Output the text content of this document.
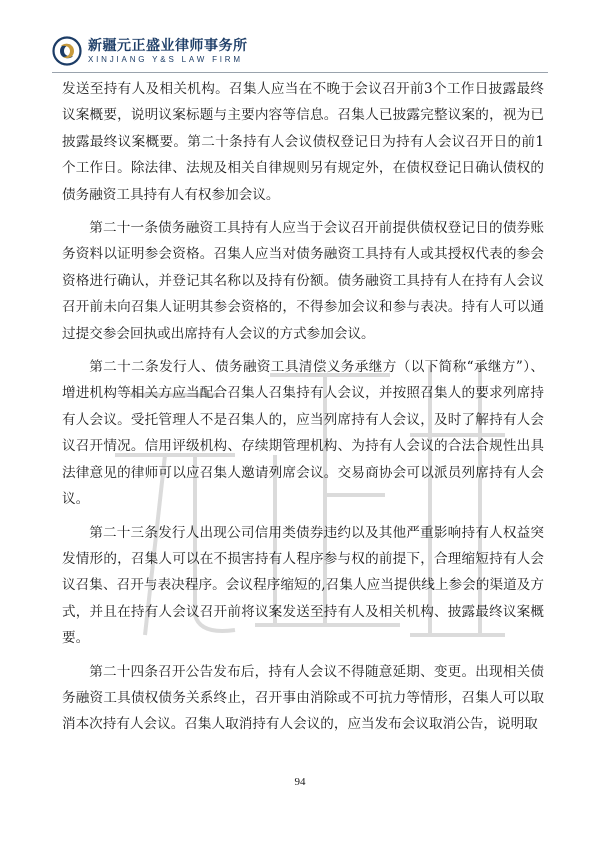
新疆元正盛业律师事务所
XINJIANG Y&S LAW FIRM

发送至持有人及相关机构。召集人应当在不晚于会议召开前3个工作日披露最终议案概要，说明议案标题与主要内容等信息。召集人已披露完整议案的，视为已披露最终议案概要。第二十条持有人会议债权登记日为持有人会议召开日的前1个工作日。除法律、法规及相关自律规则另有规定外，在债权登记日确认债权的债务融资工具持有人有权参加会议。

第二十一条债务融资工具持有人应当于会议召开前提供债权登记日的债券账务资料以证明参会资格。召集人应当对债务融资工具持有人或其授权代表的参会资格进行确认，并登记其名称以及持有份额。债务融资工具持有人在持有人会议召开前未向召集人证明其参会资格的，不得参加会议和参与表决。持有人可以通过提交参会回执或出席持有人会议的方式参加会议。

第二十二条发行人、债务融资工具清偿义务承继方（以下简称“承继方”）、增进机构等相关方应当配合召集人召集持有人会议，并按照召集人的要求列席持有人会议。受托管理人不是召集人的，应当列席持有人会议，及时了解持有人会议召开情况。信用评级机构、存续期管理机构、为持有人会议的合法合规性出具法律意见的律师可以应召集人邀请列席会议。交易商协会可以派员列席持有人会议。

第二十三条发行人出现公司信用类债券违约以及其他严重影响持有人权益突发情形的，召集人可以在不损害持有人程序参与权的前提下，合理缩短持有人会议召集、召开与表决程序。会议程序缩短的,召集人应当提供线上参会的渠道及方式，并且在持有人会议召开前将议案发送至持有人及相关机构、披露最终议案概要。

第二十四条召开公告发布后，持有人会议不得随意延期、变更。出现相关债务融资工具债权债务关系终止，召开事由消除或不可抗力等情形，召集人可以取消本次持有人会议。召集人取消持有人会议的，应当发布会议取消公告，说明取

94
